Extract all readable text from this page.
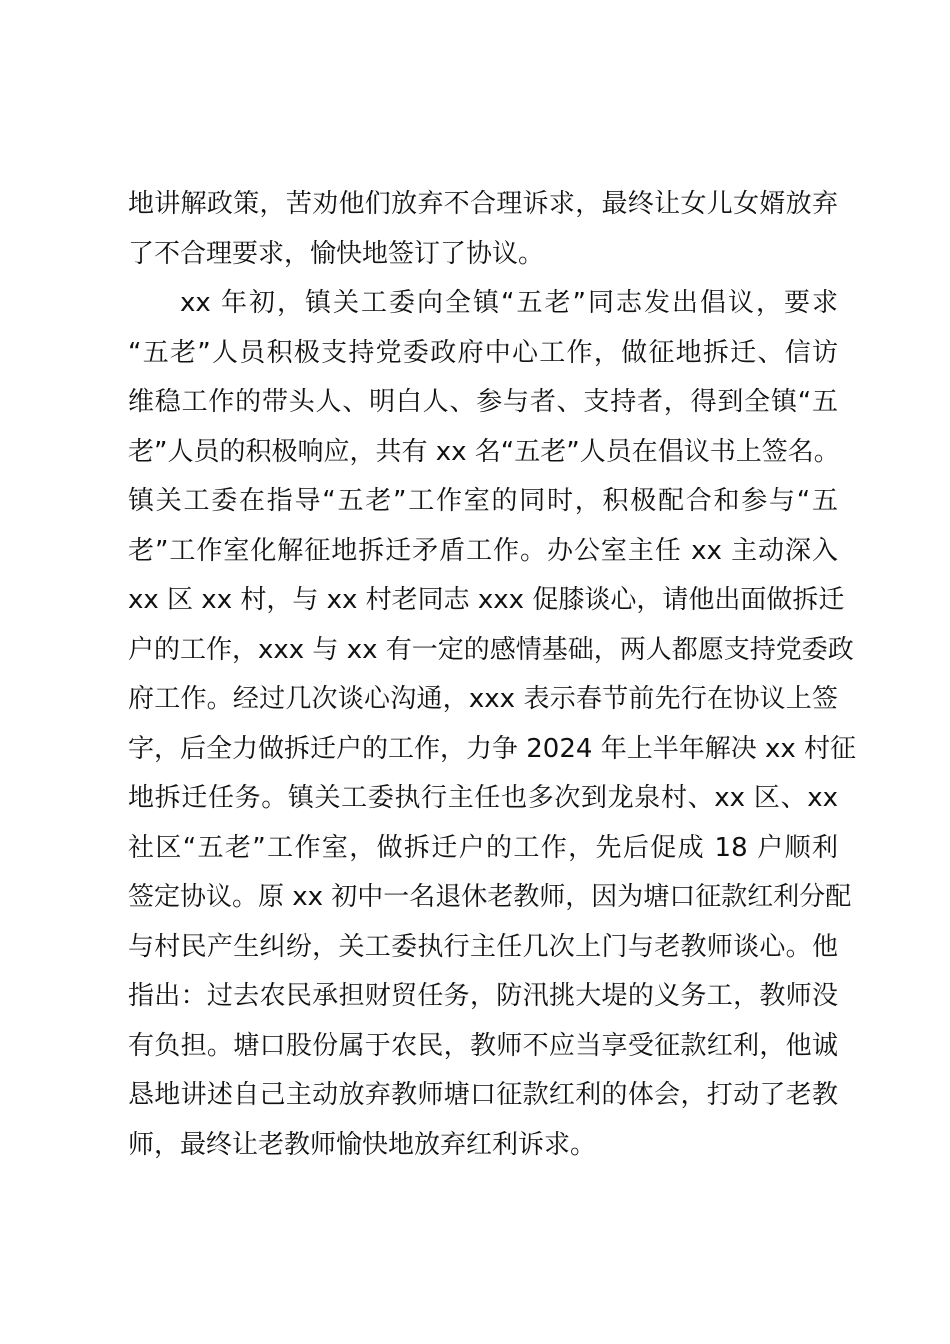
地讲解政策，苦劝他们放弃不合理诉求，最终让女儿女婿放弃
了不合理要求，愉快地签订了协议。
xx 年初，镇关工委向全镇“五老”同志发出倡议，要求
“五老”人员积极支持党委政府中心工作，做征地拆迁、信访
维稳工作的带头人、明白人、参与者、支持者，得到全镇“五
老”人员的积极响应，共有 xx 名“五老”人员在倡议书上签名。
镇关工委在指导“五老”工作室的同时，积极配合和参与“五
老”工作室化解征地拆迁矛盾工作。办公室主任 xx 主动深入
xx 区 xx 村，与 xx 村老同志 xxx 促膝谈心，请他出面做拆迁
户的工作，xxx 与 xx 有一定的感情基础，两人都愿支持党委政
府工作。经过几次谈心沟通，xxx 表示春节前先行在协议上签
字，后全力做拆迁户的工作，力争 2024 年上半年解决 xx 村征
地拆迁任务。镇关工委执行主任也多次到龙泉村、xx 区、xx
社区“五老”工作室，做拆迁户的工作，先后促成 18 户顺利
签定协议。原 xx 初中一名退休老教师，因为塘口征款红利分配
与村民产生纠纷，关工委执行主任几次上门与老教师谈心。他
指出：过去农民承担财贸任务，防汛挑大堤的义务工，教师没
有负担。塘口股份属于农民，教师不应当享受征款红利，他诚
恳地讲述自己主动放弃教师塘口征款红利的体会，打动了老教
师，最终让老教师愉快地放弃红利诉求。
